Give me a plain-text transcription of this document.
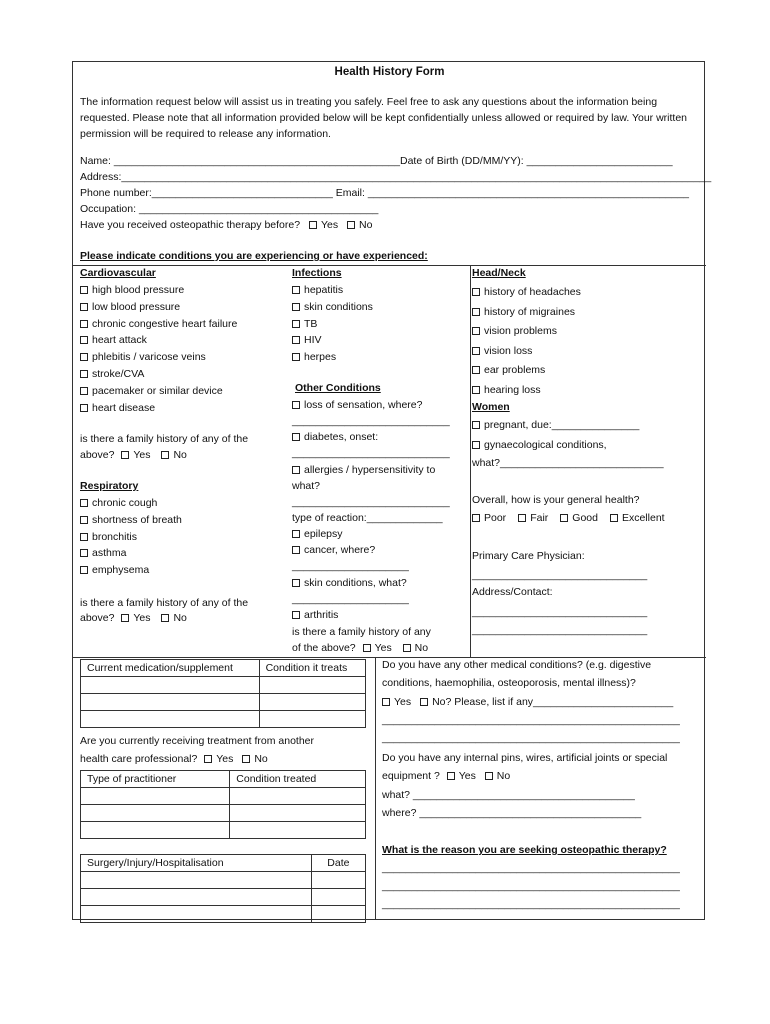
Health History Form
The information request below will assist us in treating you safely. Feel free to ask any questions about the information being requested. Please note that all information provided below will be kept confidentially unless allowed or required by law. Your written permission will be required to release any information.
Name: _________________________________________________Date of Birth (DD/MM/YY): _________________________
Address:_____________________________________________________________________________________________________
Phone number:_______________________________ Email: _______________________________________________________
Occupation: _________________________________________
Have you received osteopathic therapy before? Yes No
Please indicate conditions you are experiencing or have experienced:
Cardiovascular
is there a family history of any of the
above? Yes No
Respiratory
is there a family history of any of the
above? Yes No
Infections
Other Conditions
loss of sensation, where?
___________________________
diabetes, onset:
___________________________
allergies / hypersensitivity to
what?
___________________________
type of reaction:_____________
epilepsy
cancer, where?
____________________
skin conditions, what?
____________________
arthritis
is there a family history of any
of the above? Yes No
Head/Neck
Women
pregnant, due:_______________
gynaecological conditions,
what?____________________________
Overall, how is your general health?
Poor Fair Good Excellent
Primary Care Physician:
______________________________
Address/Contact:
______________________________
______________________________
Current medication/supplement	Condition it treats

Are you currently receiving treatment from another
health care professional? Yes No
Type of practitioner	Condition treated

Surgery/Injury/Hospitalisation	Date

Do you have any other medical conditions? (e.g. digestive
conditions, haemophilia, osteoporosis, mental illness)?
Yes No? Please, list if any________________________
___________________________________________________
___________________________________________________
Do you have any internal pins, wires, artificial joints or special
equipment ? Yes No
what? ______________________________________
where? ______________________________________
What is the reason you are seeking osteopathic therapy?
___________________________________________________
___________________________________________________
___________________________________________________
high blood pressure
low blood pressure
chronic congestive heart failure
heart attack
phlebitis / varicose veins
stroke/CVA
pacemaker or similar device
heart disease
chronic cough
shortness of breath
bronchitis
asthma
emphysema
hepatitis
skin conditions
TB
HIV
herpes
history of headaches
history of migraines
vision problems
vision loss
ear problems
hearing loss
